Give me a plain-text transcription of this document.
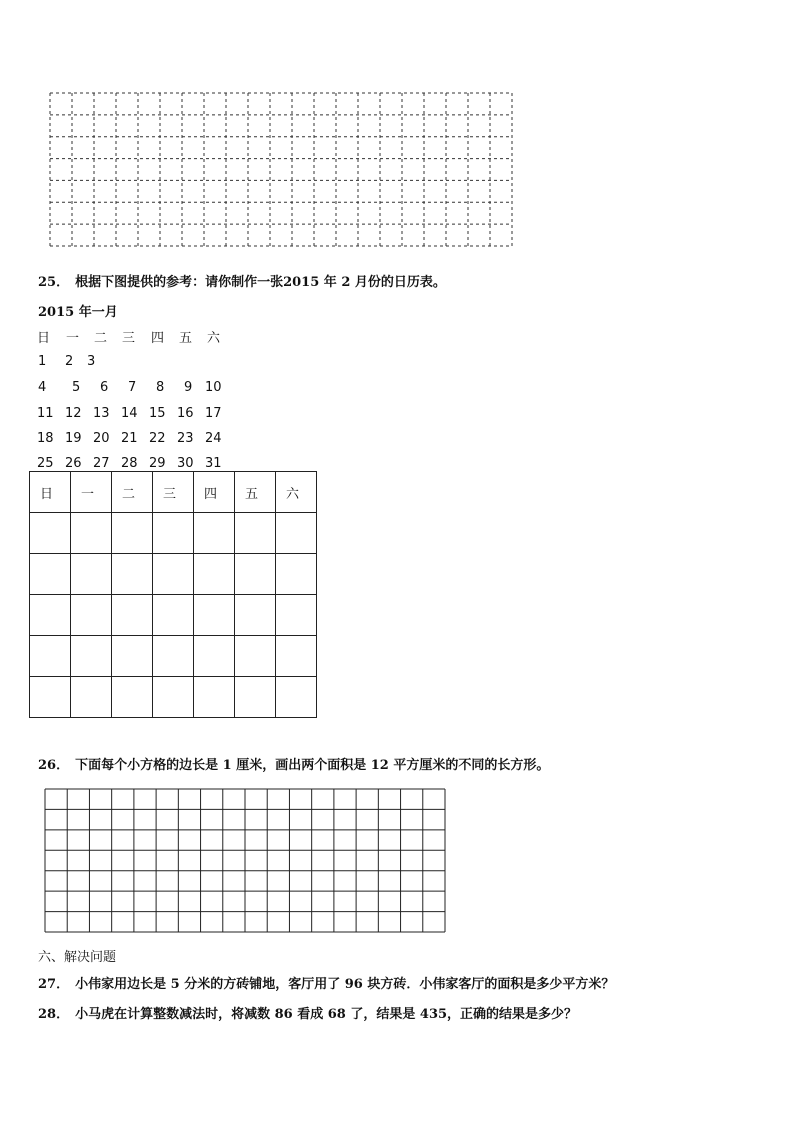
25． 根据下图提供的参考：请你制作一张2015 年 2 月份的日历表。
2015 年一月
日 一 二 三 四 五 六
1 2 3
4 5 6 7 8 9 10
11 12 13 14 15 16 17
18 19 20 21 22 23 24
25 26 27 28 29 30 31
日	一	二	三	四	五	六

26． 下面每个小方格的边长是 1 厘米，画出两个面积是 12 平方厘米的不同的长方形。
六、解决问题
27． 小伟家用边长是 5 分米的方砖铺地，客厅用了 96 块方砖．小伟家客厅的面积是多少平方米？
28． 小马虎在计算整数减法时，将减数 86 看成 68 了，结果是 435，正确的结果是多少？
